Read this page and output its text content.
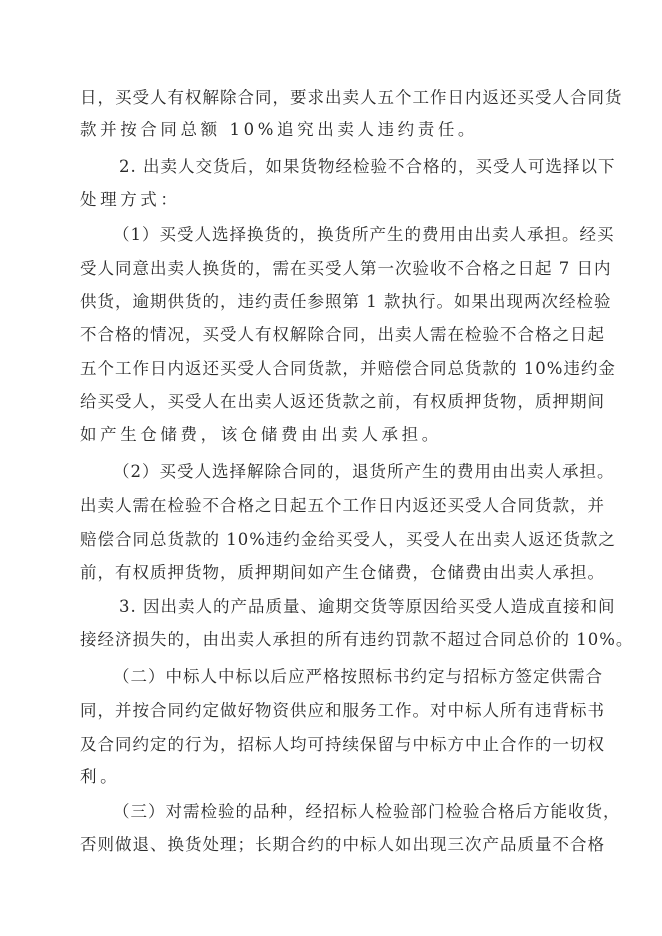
日，买受人有权解除合同，要求出卖人五个工作日内返还买受人合同货
款并按合同总额 10%追究出卖人违约责任。
2. 出卖人交货后，如果货物经检验不合格的，买受人可选择以下
处理方式：
（1）买受人选择换货的，换货所产生的费用由出卖人承担。经买
受人同意出卖人换货的，需在买受人第一次验收不合格之日起 7 日内
供货，逾期供货的，违约责任参照第 1 款执行。如果出现两次经检验
不合格的情况，买受人有权解除合同，出卖人需在检验不合格之日起
五个工作日内返还买受人合同货款，并赔偿合同总货款的 10%违约金
给买受人，买受人在出卖人返还货款之前，有权质押货物，质押期间
如产生仓储费，该仓储费由出卖人承担。
（2）买受人选择解除合同的，退货所产生的费用由出卖人承担。
出卖人需在检验不合格之日起五个工作日内返还买受人合同货款，并
赔偿合同总货款的 10%违约金给买受人，买受人在出卖人返还货款之
前，有权质押货物，质押期间如产生仓储费，仓储费由出卖人承担。
3. 因出卖人的产品质量、逾期交货等原因给买受人造成直接和间
接经济损失的，由出卖人承担的所有违约罚款不超过合同总价的 10%。
（二）中标人中标以后应严格按照标书约定与招标方签定供需合
同，并按合同约定做好物资供应和服务工作。对中标人所有违背标书
及合同约定的行为，招标人均可持续保留与中标方中止合作的一切权
利。
（三）对需检验的品种，经招标人检验部门检验合格后方能收货，
否则做退、换货处理；长期合约的中标人如出现三次产品质量不合格
